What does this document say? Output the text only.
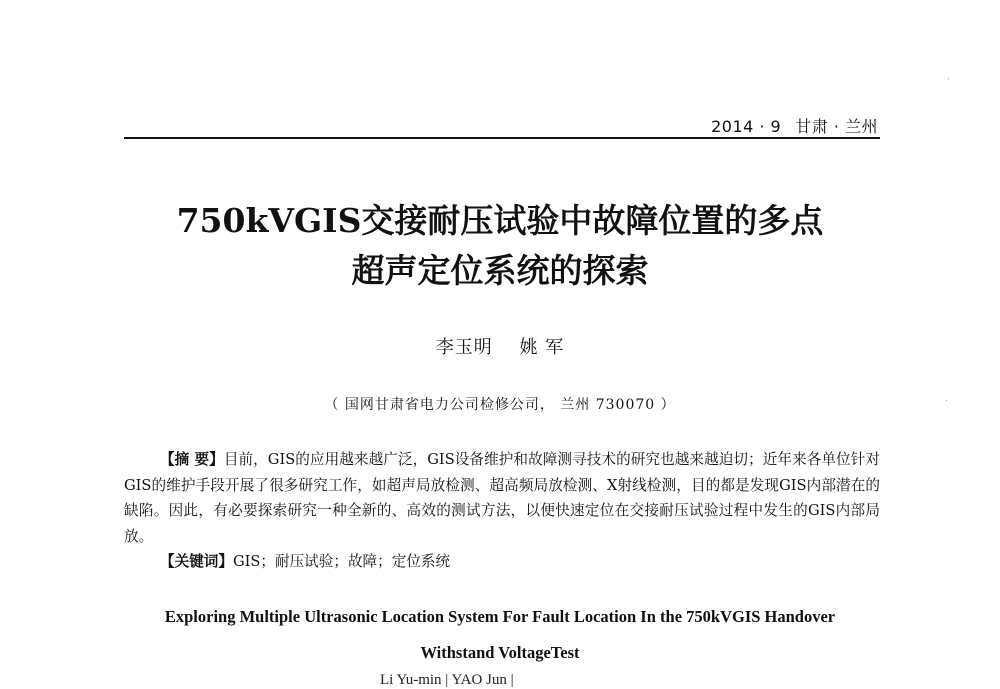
2014 · 9 甘肃 · 兰州
750kVGIS交接耐压试验中故障位置的多点
超声定位系统的探索
李玉明 姚 军
（ 国网甘肃省电力公司检修公司， 兰州 730070 ）

【摘 要】目前，GIS的应用越来越广泛，GIS设备维护和故障测寻技术的研究也越来越迫切；近年来各单位针对GIS的维护手段开展了很多研究工作，如超声局放检测、超高频局放检测、X射线检测，目的都是发现GIS内部潜在的缺陷。因此，有必要探索研究一种全新的、高效的测试方法，以便快速定位在交接耐压试验过程中发生的GIS内部局放。

【关键词】GIS；耐压试验；故障；定位系统
Exploring Multiple Ultrasonic Location System For Fault Location In the 750kVGIS Handover
Withstand VoltageTest
Li Yu-min | YAO Jun |
